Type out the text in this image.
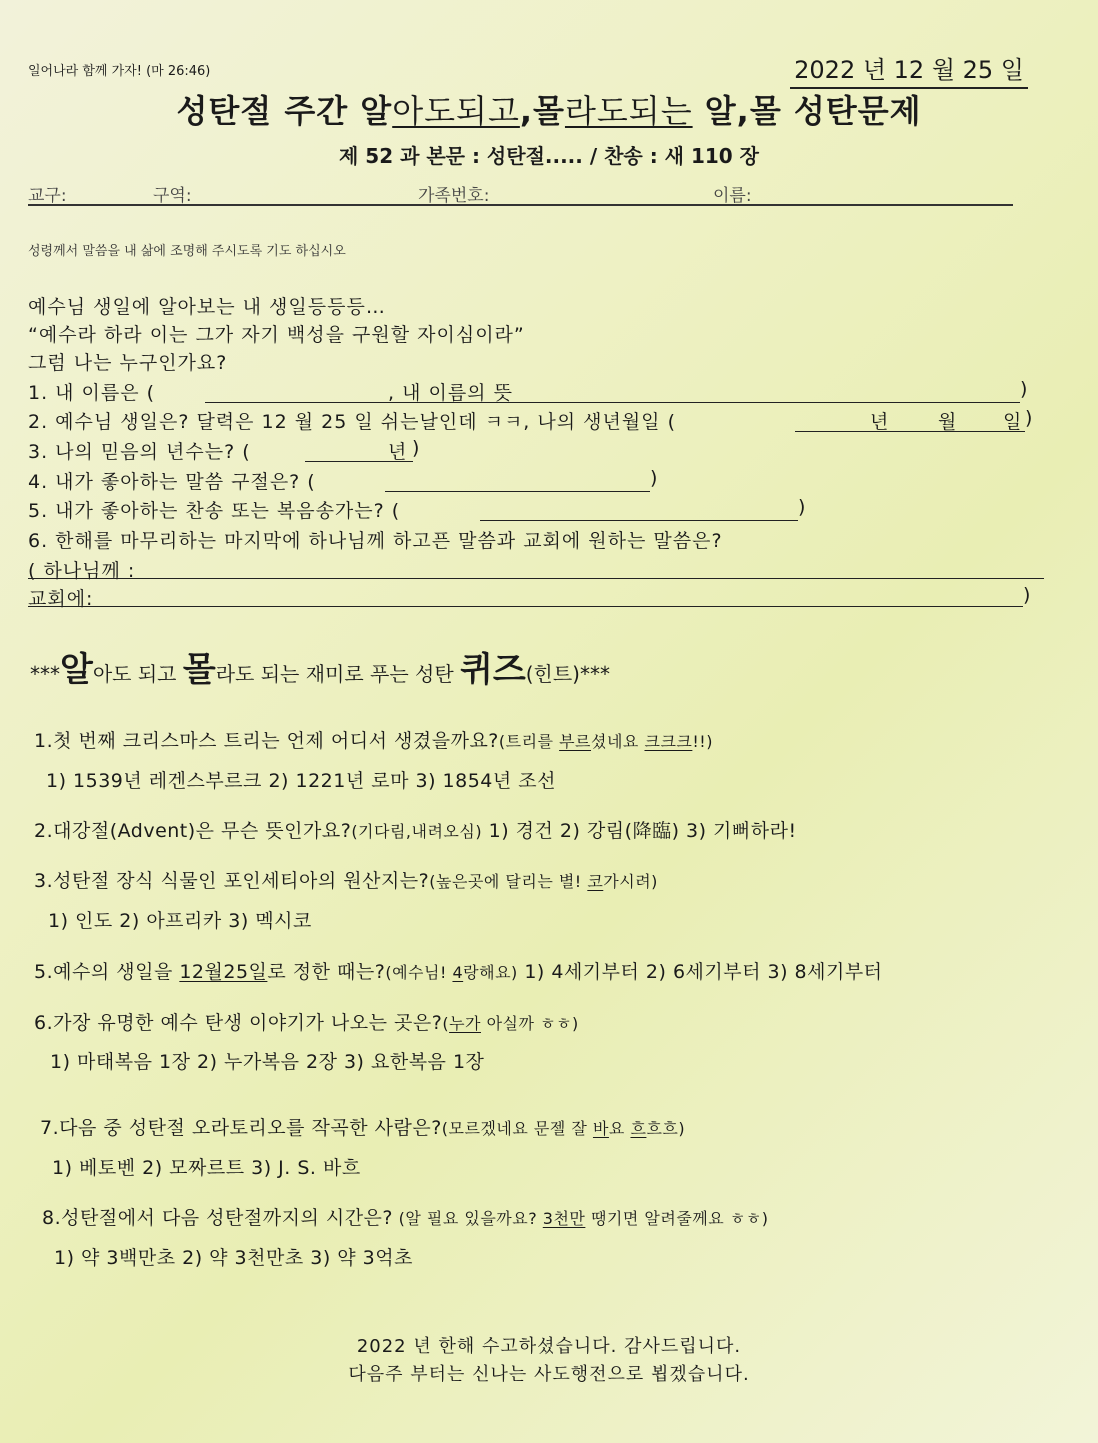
일어나라 함께 가자! (마 26:46)	2022 년 12 월 25 일
성탄절 주간 알아도되고,몰라도되는 알,몰 성탄문제
제 52 과 본문 : 성탄절..... / 찬송 : 새 110 장
교구:	구역:	가족번호:	이름:
성령께서 말씀을 내 삶에 조명해 주시도록 기도 하십시오
예수님 생일에 알아보는 내 생일등등등…
“예수라 하라 이는 그가 자기 백성을 구원할 자이심이라”
그럼 나는 누구인가요?
1. 내 이름은 (	, 내 이름의 뜻	)
2. 예수님 생일은? 달력은 12 월 25 일 쉬는날인데 ㅋㅋ, 나의 생년월일 (	년	월 일 )
3. 나의 믿음의 년수는? (	년 )
4. 내가 좋아하는 말씀 구절은? (	)
5. 내가 좋아하는 찬송 또는 복음송가는? (	)
6. 한해를 마무리하는 마지막에 하나님께 하고픈 말씀과 교회에 원하는 말씀은?
( 하나님께 :
교회에:	)
***알아도 되고 몰라도 되는 재미로 푸는 성탄 퀴즈(힌트)***
1.첫 번째 크리스마스 트리는 언제 어디서 생겼을까요?(트리를 부르셨네요 크크크!!)
1) 1539년 레겐스부르크 2) 1221년 로마 3) 1854년 조선
2.대강절(Advent)은 무슨 뜻인가요?(기다림,내려오심) 1) 경건 2) 강림(降臨) 3) 기뻐하라!
3.성탄절 장식 식물인 포인세티아의 원산지는?(높은곳에 달리는 별! 코가시려)
1) 인도 2) 아프리카 3) 멕시코
5.예수의 생일을 12월25일로 정한 때는?(예수님! 4랑해요) 1) 4세기부터 2) 6세기부터 3) 8세기부터
6.가장 유명한 예수 탄생 이야기가 나오는 곳은?(누가 아실까 ㅎㅎ)
1) 마태복음 1장 2) 누가복음 2장 3) 요한복음 1장
7.다음 중 성탄절 오라토리오를 작곡한 사람은?(모르겠네요 문젤 잘 바요 흐흐흐)
1) 베토벤 2) 모짜르트 3) J. S. 바흐
8.성탄절에서 다음 성탄절까지의 시간은? (알 필요 있을까요? 3천만 땡기면 알려줄께요 ㅎㅎ)
1) 약 3백만초 2) 약 3천만초 3) 약 3억초
2022 년 한해 수고하셨습니다. 감사드립니다.
다음주 부터는 신나는 사도행전으로 뵙겠습니다.
